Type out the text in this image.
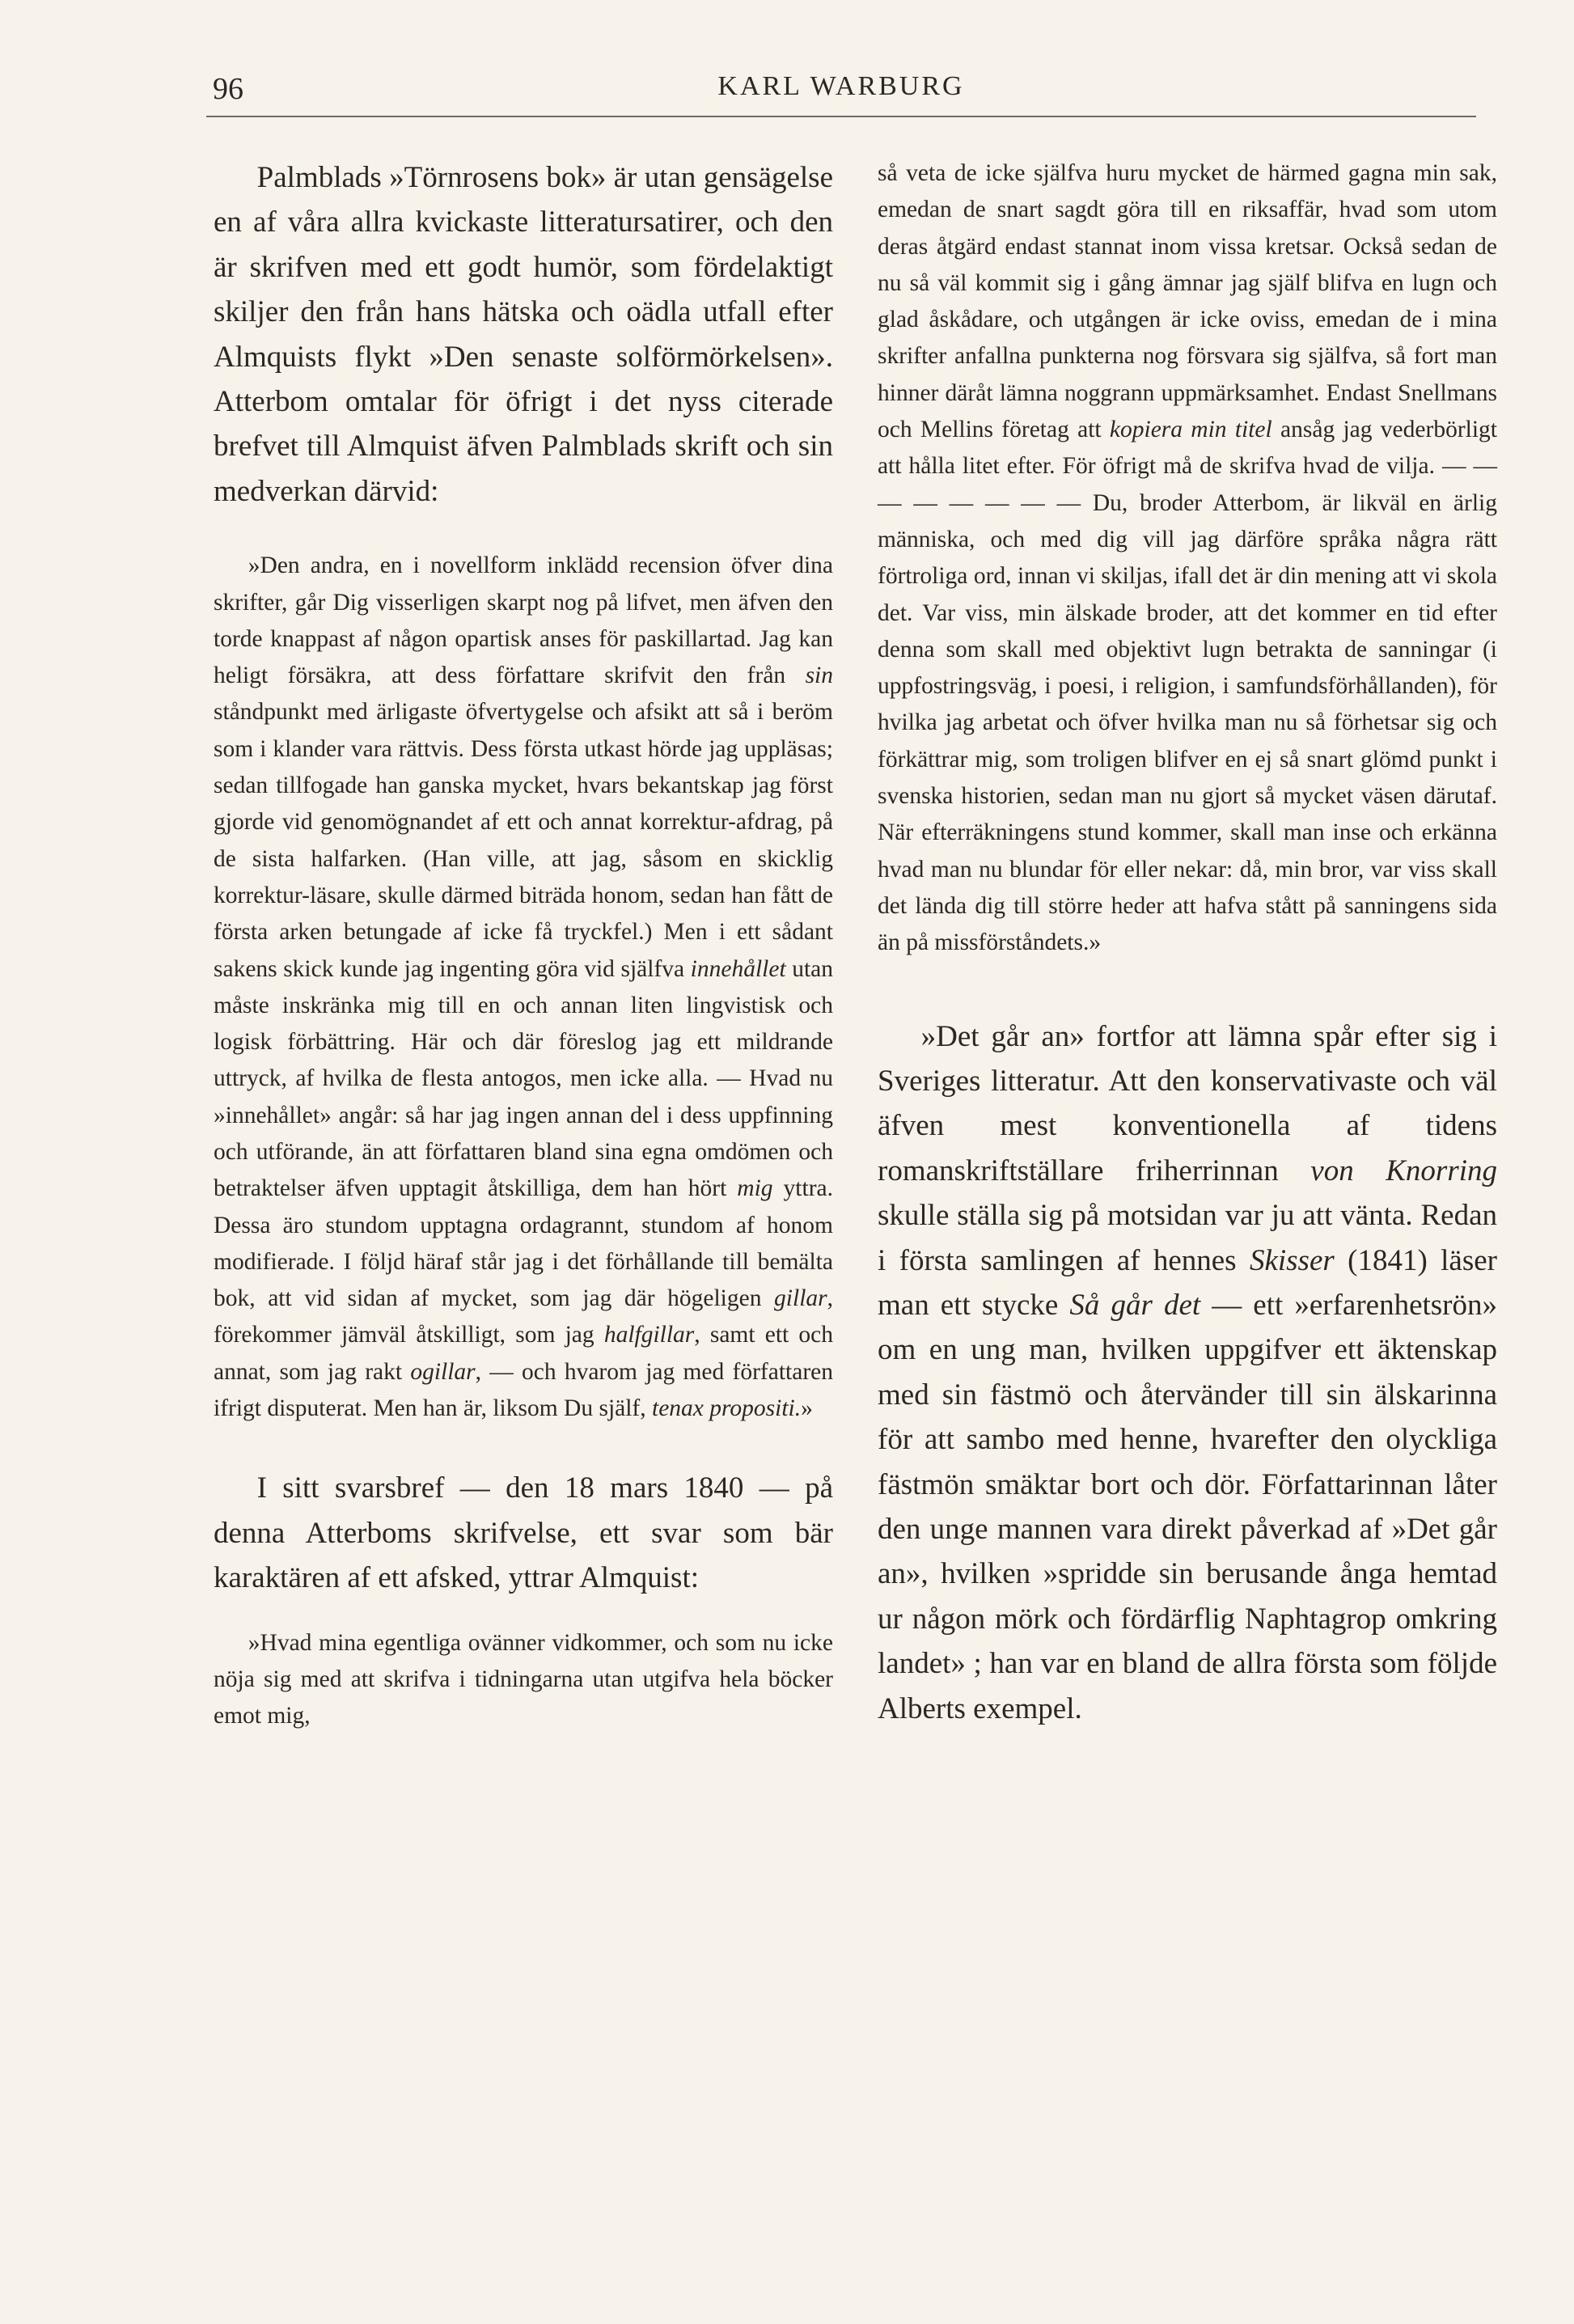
96	KARL WARBURG

Palmblads »Törnrosens bok» är utan gensägelse en af våra allra kvickaste litteratursatirer, och den är skrifven med ett godt humör, som fördelaktigt skiljer den från hans hätska och oädla utfall efter Almquists flykt »Den senaste solförmörkelsen». Atterbom omtalar för öfrigt i det nyss citerade brefvet till Almquist äfven Palmblads skrift och sin medverkan därvid:

»Den andra, en i novellform inklädd recension öfver dina skrifter, går Dig visserligen skarpt nog på lifvet, men äfven den torde knappast af någon opartisk anses för paskillartad. Jag kan heligt försäkra, att dess författare skrifvit den från sin ståndpunkt med ärligaste öfvertygelse och afsikt att så i beröm som i klander vara rättvis. Dess första utkast hörde jag uppläsas; sedan tillfogade han ganska mycket, hvars bekantskap jag först gjorde vid genomögnandet af ett och annat korrektur-afdrag, på de sista halfarken. (Han ville, att jag, såsom en skicklig korrektur-läsare, skulle därmed biträda honom, sedan han fått de första arken betungade af icke få tryckfel.) Men i ett sådant sakens skick kunde jag ingenting göra vid själfva innehållet utan måste inskränka mig till en och annan liten lingvistisk och logisk förbättring. Här och där föreslog jag ett mildrande uttryck, af hvilka de flesta antogos, men icke alla. — Hvad nu »innehållet» angår: så har jag ingen annan del i dess uppfinning och utförande, än att författaren bland sina egna omdömen och betraktelser äfven upptagit åtskilliga, dem han hört mig yttra. Dessa äro stundom upptagna ordagrannt, stundom af honom modifierade. I följd häraf står jag i det förhållande till bemälta bok, att vid sidan af mycket, som jag där högeligen gillar, förekommer jämväl åtskilligt, som jag halfgillar, samt ett och annat, som jag rakt ogillar, — och hvarom jag med författaren ifrigt disputerat. Men han är, liksom Du själf, tenax propositi.»

I sitt svarsbref — den 18 mars 1840 — på denna Atterboms skrifvelse, ett svar som bär karaktären af ett afsked, yttrar Almquist:

»Hvad mina egentliga ovänner vidkommer, och som nu icke nöja sig med att skrifva i tidningarna utan utgifva hela böcker emot mig,

så veta de icke själfva huru mycket de härmed gagna min sak, emedan de snart sagdt göra till en riksaffär, hvad som utom deras åtgärd endast stannat inom vissa kretsar. Också sedan de nu så väl kommit sig i gång ämnar jag själf blifva en lugn och glad åskådare, och utgången är icke oviss, emedan de i mina skrifter anfallna punkterna nog försvara sig själfva, så fort man hinner däråt lämna noggrann uppmärksamhet. Endast Snellmans och Mellins företag att kopiera min titel ansåg jag vederbörligt att hålla litet efter. För öfrigt må de skrifva hvad de vilja. — — — — — — — — Du, broder Atterbom, är likväl en ärlig människa, och med dig vill jag därföre språka några rätt förtroliga ord, innan vi skiljas, ifall det är din mening att vi skola det. Var viss, min älskade broder, att det kommer en tid efter denna som skall med objektivt lugn betrakta de sanningar (i uppfostringsväg, i poesi, i religion, i samfundsförhållanden), för hvilka jag arbetat och öfver hvilka man nu så förhetsar sig och förkättrar mig, som troligen blifver en ej så snart glömd punkt i svenska historien, sedan man nu gjort så mycket väsen därutaf. När efterräkningens stund kommer, skall man inse och erkänna hvad man nu blundar för eller nekar: då, min bror, var viss skall det lända dig till större heder att hafva stått på sanningens sida än på missförståndets.»

»Det går an» fortfor att lämna spår efter sig i Sveriges litteratur. Att den konservativaste och väl äfven mest konventionella af tidens romanskriftställare friherrinnan von Knorring skulle ställa sig på motsidan var ju att vänta. Redan i första samlingen af hennes Skisser (1841) läser man ett stycke Så går det — ett »erfarenhetsrön» om en ung man, hvilken uppgifver ett äktenskap med sin fästmö och återvänder till sin älskarinna för att sambo med henne, hvarefter den olyckliga fästmön smäktar bort och dör. Författarinnan låter den unge mannen vara direkt påverkad af »Det går an», hvilken »spridde sin berusande ånga hemtad ur någon mörk och fördärflig Naphtagrop omkring landet» ; han var en bland de allra första som följde Alberts exempel.
